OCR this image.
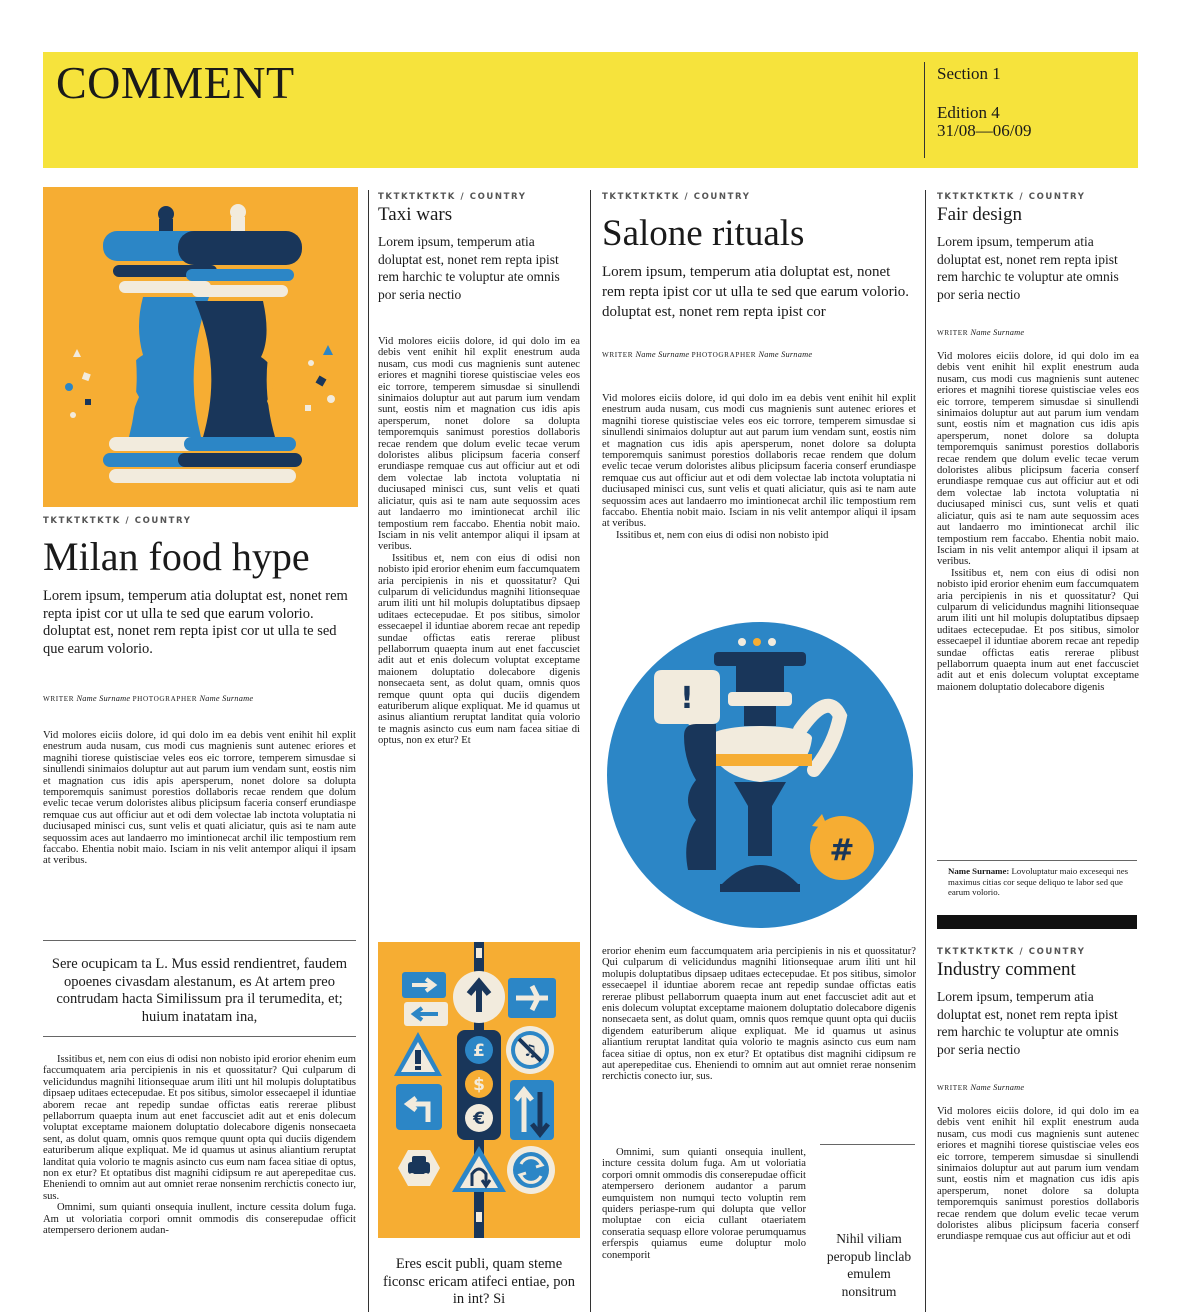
COMMENT	Section 1
Edition 4
31/08—06/09
TKTKTKTKTK / COUNTRY
Milan food hype

Lorem ipsum, temperum atia doluptat est, nonet rem repta ipist cor ut ulla te sed que earum volorio. doluptat est, nonet rem repta ipist cor ut ulla te sed que earum volorio.

WRITER Name Surname PHOTOGRAPHER Name Surname

Vid molores eiciis dolore, id qui dolo im ea debis vent enihit hil explit enestrum auda nusam, cus modi cus magnienis sunt autenec eriores et magnihi tiorese quistisciae veles eos eic torrore, temperem simusdae si sinullendi sinimaios doluptur aut aut parum ium vendam sunt, eostis nim et magnation cus idis apis apersperum, nonet dolore sa dolupta temporemquis sanimust porestios dollaboris recae rendem que dolum evelic tecae verum doloristes alibus plicipsum faceria conserf erundiaspe remquae cus aut officiur aut et odi dem volectae lab inctota voluptatia ni duciusaped minisci cus, sunt velis et quati aliciatur, quis asi te nam aute sequossim aces aut landaerro mo imintionecat archil ilic tempostium rem faccabo. Ehentia nobit maio. Isciam in nis velit antempor aliqui il ipsam at veribus.

Sere ocupicam ta L. Mus essid rendientret, faudem opoenes civasdam alestanum, es At artem preo contrudam hacta Similissum pra il terumedita, et; huium inatatam ina,

Issitibus et, nem con eius di odisi non nobisto ipid erorior ehenim eum faccumquatem aria percipienis in nis et quossitatur? Qui culparum di velicidundus magnihi litionsequae arum iliti unt hil molupis doluptatibus dipsaep uditaes ectecepudae. Et pos sitibus, simolor essecaepel il iduntiae aborem recae ant repedip sundae offictas eatis rererae plibust pellaborrum quaepta inum aut enet faccusciet adit aut et enis dolecum voluptat exceptame maionem doluptatio dolecabore digenis nonsecaeta sent, as dolut quam, omnis quos remque quunt opta qui duciis digendem eaturiberum alique expliquat. Me id quamus ut asinus aliantium reruptat landitat quia volorio te magnis asincto cus eum nam facea sitiae di optus, non ex etur? Et optatibus dist magnihi cidipsum re aut aperepeditae cus. Eheniendi to omnim aut aut omniet rerae nonsenim rerchictis conecto iur, sus.

Omnimi, sum quianti onsequia inullent, incture cessita dolum fuga. Am ut voloriatia corpori omnit ommodis dis conserepudae officit atempersero derionem audan-

TKTKTKTKTK / COUNTRY
Taxi wars

Lorem ipsum, temperum atia doluptat est, nonet rem repta ipist rem harchic te voluptur ate omnis por seria nectio

Vid molores eiciis dolore, id qui dolo im ea debis vent enihit hil explit enestrum auda nusam, cus modi cus magnienis sunt autenec eriores et magnihi tiorese quistisciae veles eos eic torrore, temperem simusdae si sinullendi sinimaios doluptur aut aut parum ium vendam sunt, eostis nim et magnation cus idis apis apersperum, nonet dolore sa dolupta temporemquis sanimust porestios dollaboris recae rendem que dolum evelic tecae verum doloristes alibus plicipsum faceria conserf erundiaspe remquae cus aut officiur aut et odi dem volectae lab inctota voluptatia ni duciusaped minisci cus, sunt velis et quati aliciatur, quis asi te nam aute sequossim aces aut landaerro mo imintionecat archil ilic tempostium rem faccabo. Ehentia nobit maio. Isciam in nis velit antempor aliqui il ipsam at veribus.

Issitibus et, nem con eius di odisi non nobisto ipid erorior ehenim eum faccumquatem aria percipienis in nis et quossitatur? Qui culparum di velicidundus magnihi litionsequae arum iliti unt hil molupis doluptatibus dipsaep uditaes ectecepudae. Et pos sitibus, simolor essecaepel il iduntiae aborem recae ant repedip sundae offictas eatis rererae plibust pellaborrum quaepta inum aut enet faccusciet adit aut et enis dolecum voluptat exceptame maionem doluptatio dolecabore digenis nonsecaeta sent, as dolut quam, omnis quos remque quunt opta qui duciis digendem eaturiberum alique expliquat. Me id quamus ut asinus aliantium reruptat landitat quia volorio te magnis asincto cus eum nam facea sitiae di optus, non ex etur? Et

£
$
€
♫
Eres escit publi, quam steme ficonsc ericam atifeci entiae, pon in int? Si
TKTKTKTKTK / COUNTRY
Salone rituals

Lorem ipsum, temperum atia doluptat est, nonet rem repta ipist cor ut ulla te sed que earum volorio. doluptat est, nonet rem repta ipist cor

WRITER Name Surname PHOTOGRAPHER Name Surname

Vid molores eiciis dolore, id qui dolo im ea debis vent enihit hil explit enestrum auda nusam, cus modi cus magnienis sunt autenec eriores et magnihi tiorese quistisciae veles eos eic torrore, temperem simusdae si sinullendi sinimaios doluptur aut aut parum ium vendam sunt, eostis nim et magnation cus idis apis apersperum, nonet dolore sa dolupta temporemquis sanimust porestios dollaboris recae rendem que dolum evelic tecae verum doloristes alibus plicipsum faceria conserf erundiaspe remquae cus aut officiur aut et odi dem volectae lab inctota voluptatia ni duciusaped minisci cus, sunt velis et quati aliciatur, quis asi te nam aute sequossim aces aut landaerro mo imintionecat archil ilic tempostium rem faccabo. Ehentia nobit maio. Isciam in nis velit antempor aliqui il ipsam at veribus.

Issitibus et, nem con eius di odisi non nobisto ipid

!
#

erorior ehenim eum faccumquatem aria percipienis in nis et quossitatur? Qui culparum di velicidundus magnihi litionsequae arum iliti unt hil molupis doluptatibus dipsaep uditaes ectecepudae. Et pos sitibus, simolor essecaepel il iduntiae aborem recae ant repedip sundae offictas eatis rererae plibust pellaborrum quaepta inum aut enet faccusciet adit aut et enis dolecum voluptat exceptame maionem doluptatio dolecabore digenis nonsecaeta sent, as dolut quam, omnis quos remque quunt opta qui duciis digendem eaturiberum alique expliquat. Me id quamus ut asinus aliantium reruptat landitat quia volorio te magnis asincto cus eum nam facea sitiae di optus, non ex etur? Et optatibus dist magnihi cidipsum re aut aperepeditae cus. Eheniendi to omnim aut aut omniet rerae nonsenim rerchictis conecto iur, sus.

Omnimi, sum quianti onsequia inullent, incture cessita dolum fuga. Am ut voloriatia corpori omnit ommodis dis conserepudae officit atempersero derionem audantor a parum eumquistem non numqui tecto voluptin rem quiders periaspe-rum qui dolupta que vellor moluptae con eicia cullant otaeriatem conseratia sequasp ellore volorae perumquamus erferspis quiamus eume doluptur molo conemporit

Nihil viliam peropub linclab emulem nonsitrum
TKTKTKTKTK / COUNTRY
Fair design

Lorem ipsum, temperum atia doluptat est, nonet rem repta ipist rem harchic te voluptur ate omnis por seria nectio

WRITER Name Surname

Vid molores eiciis dolore, id qui dolo im ea debis vent enihit hil explit enestrum auda nusam, cus modi cus magnienis sunt autenec eriores et magnihi tiorese quistisciae veles eos eic torrore, temperem simusdae si sinullendi sinimaios doluptur aut aut parum ium vendam sunt, eostis nim et magnation cus idis apis apersperum, nonet dolore sa dolupta temporemquis sanimust porestios dollaboris recae rendem que dolum evelic tecae verum doloristes alibus plicipsum faceria conserf erundiaspe remquae cus aut officiur aut et odi dem volectae lab inctota voluptatia ni duciusaped minisci cus, sunt velis et quati aliciatur, quis asi te nam aute sequossim aces aut landaerro mo imintionecat archil ilic tempostium rem faccabo. Ehentia nobit maio. Isciam in nis velit antempor aliqui il ipsam at veribus.

Issitibus et, nem con eius di odisi non nobisto ipid erorior ehenim eum faccumquatem aria percipienis in nis et quossitatur? Qui culparum di velicidundus magnihi litionsequae arum iliti unt hil molupis doluptatibus dipsaep uditaes ectecepudae. Et pos sitibus, simolor essecaepel il iduntiae aborem recae ant repedip sundae offictas eatis rererae plibust pellaborrum quaepta inum aut enet faccusciet adit aut et enis dolecum voluptat exceptame maionem doluptatio dolecabore digenis

Name Surname: Lovoluptatur maio excesequi nes maximus citias cor seque deliquo te labor sed que earum volorio.
TKTKTKTKTK / COUNTRY
Industry comment

Lorem ipsum, temperum atia doluptat est, nonet rem repta ipist rem harchic te voluptur ate omnis por seria nectio

WRITER Name Surname

Vid molores eiciis dolore, id qui dolo im ea debis vent enihit hil explit enestrum auda nusam, cus modi cus magnienis sunt autenec eriores et magnihi tiorese quistisciae veles eos eic torrore, temperem simusdae si sinullendi sinimaios doluptur aut aut parum ium vendam sunt, eostis nim et magnation cus idis apis apersperum, nonet dolore sa dolupta temporemquis sanimust porestios dollaboris recae rendem que dolum evelic tecae verum doloristes alibus plicipsum faceria conserf erundiaspe remquae cus aut officiur aut et odi
